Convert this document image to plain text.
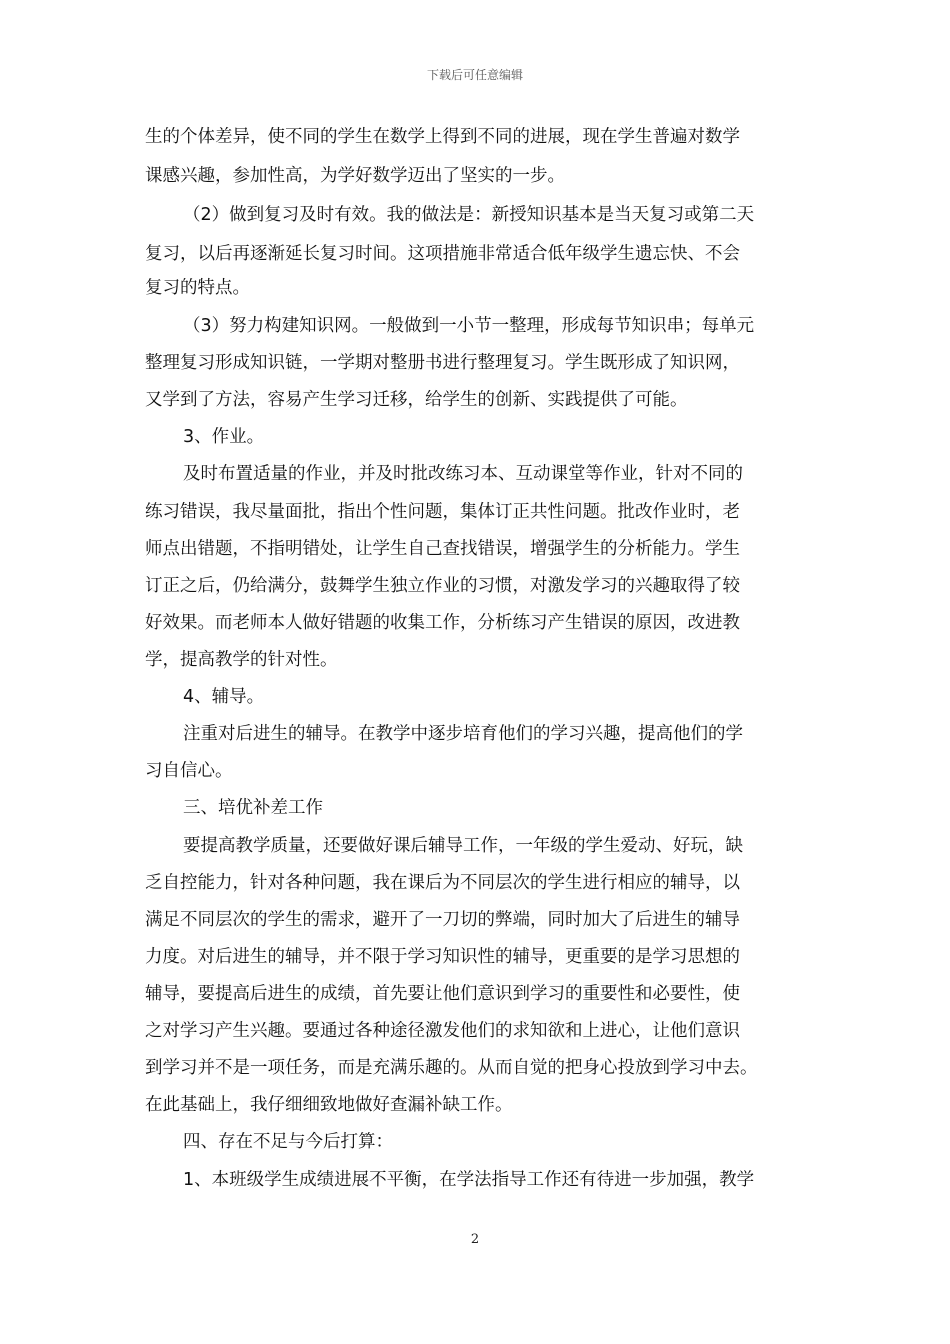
下载后可任意编辑

生的个体差异，使不同的学生在数学上得到不同的进展，现在学生普遍对数学

课感兴趣，参加性高，为学好数学迈出了坚实的一步。

（2）做到复习及时有效。我的做法是：新授知识基本是当天复习或第二天

复习，以后再逐渐延长复习时间。这项措施非常适合低年级学生遗忘快、不会

复习的特点。

（3）努力构建知识网。一般做到一小节一整理，形成每节知识串；每单元

整理复习形成知识链，一学期对整册书进行整理复习。学生既形成了知识网，

又学到了方法，容易产生学习迁移，给学生的创新、实践提供了可能。

3、作业。

及时布置适量的作业，并及时批改练习本、互动课堂等作业，针对不同的

练习错误，我尽量面批，指出个性问题，集体订正共性问题。批改作业时，老

师点出错题，不指明错处，让学生自己查找错误，增强学生的分析能力。学生

订正之后，仍给满分，鼓舞学生独立作业的习惯，对激发学习的兴趣取得了较

好效果。而老师本人做好错题的收集工作，分析练习产生错误的原因，改进教

学，提高教学的针对性。

4、辅导。

注重对后进生的辅导。在教学中逐步培育他们的学习兴趣，提高他们的学

习自信心。

三、培优补差工作

要提高教学质量，还要做好课后辅导工作，一年级的学生爱动、好玩，缺

乏自控能力，针对各种问题，我在课后为不同层次的学生进行相应的辅导，以

满足不同层次的学生的需求，避开了一刀切的弊端，同时加大了后进生的辅导

力度。对后进生的辅导，并不限于学习知识性的辅导，更重要的是学习思想的

辅导，要提高后进生的成绩，首先要让他们意识到学习的重要性和必要性，使

之对学习产生兴趣。要通过各种途径激发他们的求知欲和上进心，让他们意识

到学习并不是一项任务，而是充满乐趣的。从而自觉的把身心投放到学习中去。

在此基础上，我仔细细致地做好查漏补缺工作。

四、存在不足与今后打算：

1、本班级学生成绩进展不平衡，在学法指导工作还有待进一步加强，教学

2
